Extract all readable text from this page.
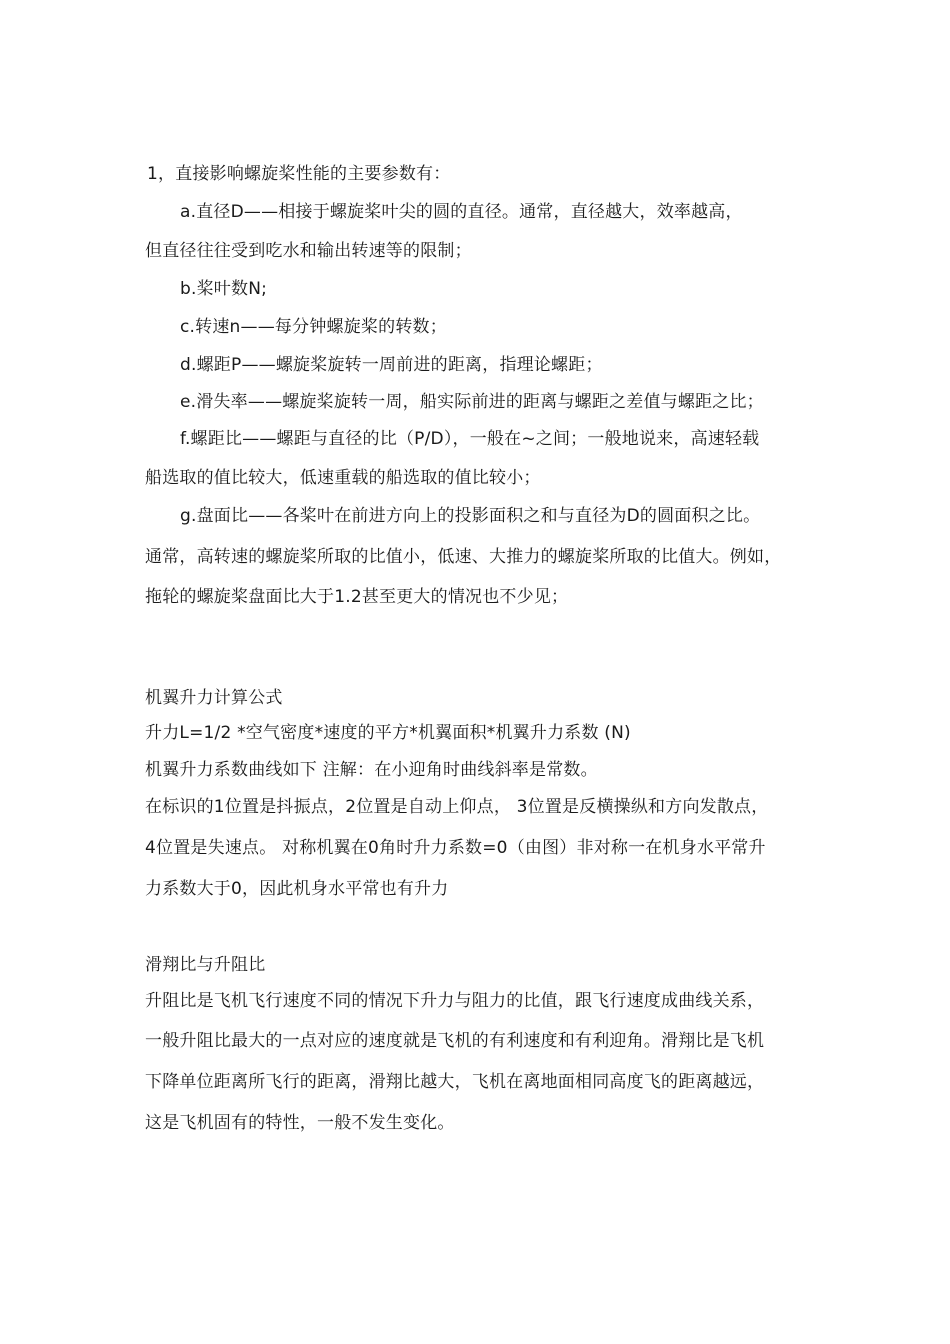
1，直接影响螺旋桨性能的主要参数有：
a.直径D——相接于螺旋桨叶尖的圆的直径。通常，直径越大，效率越高，
但直径往往受到吃水和输出转速等的限制；
b.桨叶数N;
c.转速n——每分钟螺旋桨的转数；
d.螺距P——螺旋桨旋转一周前进的距离，指理论螺距；
e.滑失率——螺旋桨旋转一周，船实际前进的距离与螺距之差值与螺距之比；
f.螺距比——螺距与直径的比（P/D），一般在~之间；一般地说来，高速轻载
船选取的值比较大，低速重载的船选取的值比较小；
g.盘面比——各桨叶在前进方向上的投影面积之和与直径为D的圆面积之比。
通常，高转速的螺旋桨所取的比值小，低速、大推力的螺旋桨所取的比值大。例如，
拖轮的螺旋桨盘面比大于1.2甚至更大的情况也不少见；
机翼升力计算公式
升力L=1/2 *空气密度*速度的平方*机翼面积*机翼升力系数 (N)
机翼升力系数曲线如下 注解：在小迎角时曲线斜率是常数。
在标识的1位置是抖振点，2位置是自动上仰点， 3位置是反横操纵和方向发散点，
4位置是失速点。 对称机翼在0角时升力系数=0（由图）非对称一在机身水平常升
力系数大于0，因此机身水平常也有升力
滑翔比与升阻比
升阻比是飞机飞行速度不同的情况下升力与阻力的比值，跟飞行速度成曲线关系，
一般升阻比最大的一点对应的速度就是飞机的有利速度和有利迎角。滑翔比是飞机
下降单位距离所飞行的距离，滑翔比越大，飞机在离地面相同高度飞的距离越远，
这是飞机固有的特性，一般不发生变化。
